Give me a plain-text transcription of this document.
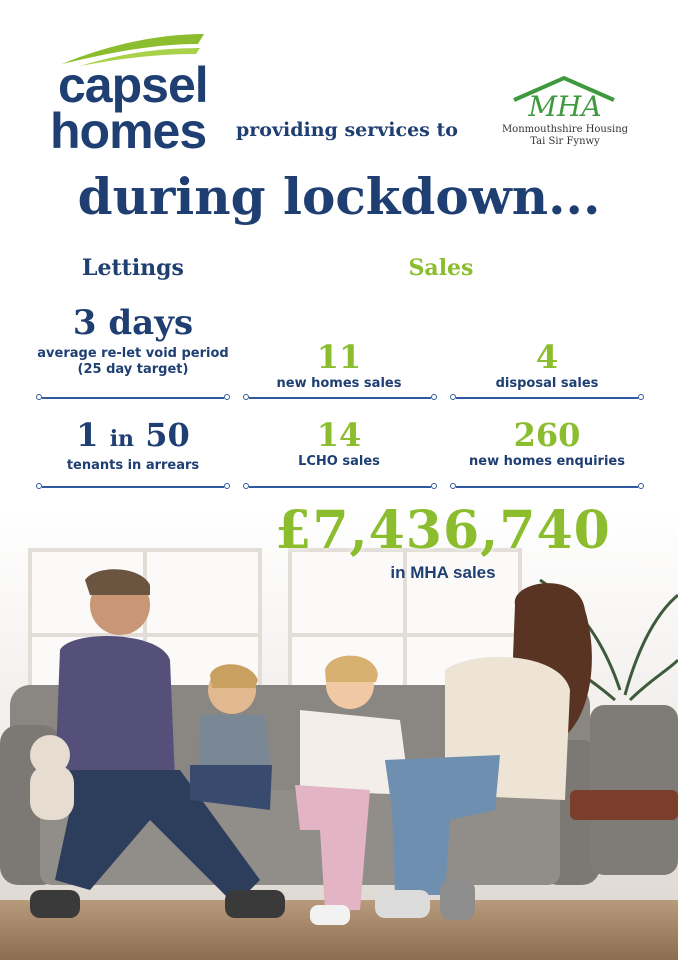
capsel
homes providing services to
MHA
Monmouthshire Housing
Tai Sir Fynwy
during lockdown...
Lettings	Sales
3 days
average re-let void period
(25 day target)	11
new homes sales
4
disposal sales
1 in 50
tenants in arrears
14
LCHO sales
260
new homes enquiries
£7,436,740
in MHA sales
